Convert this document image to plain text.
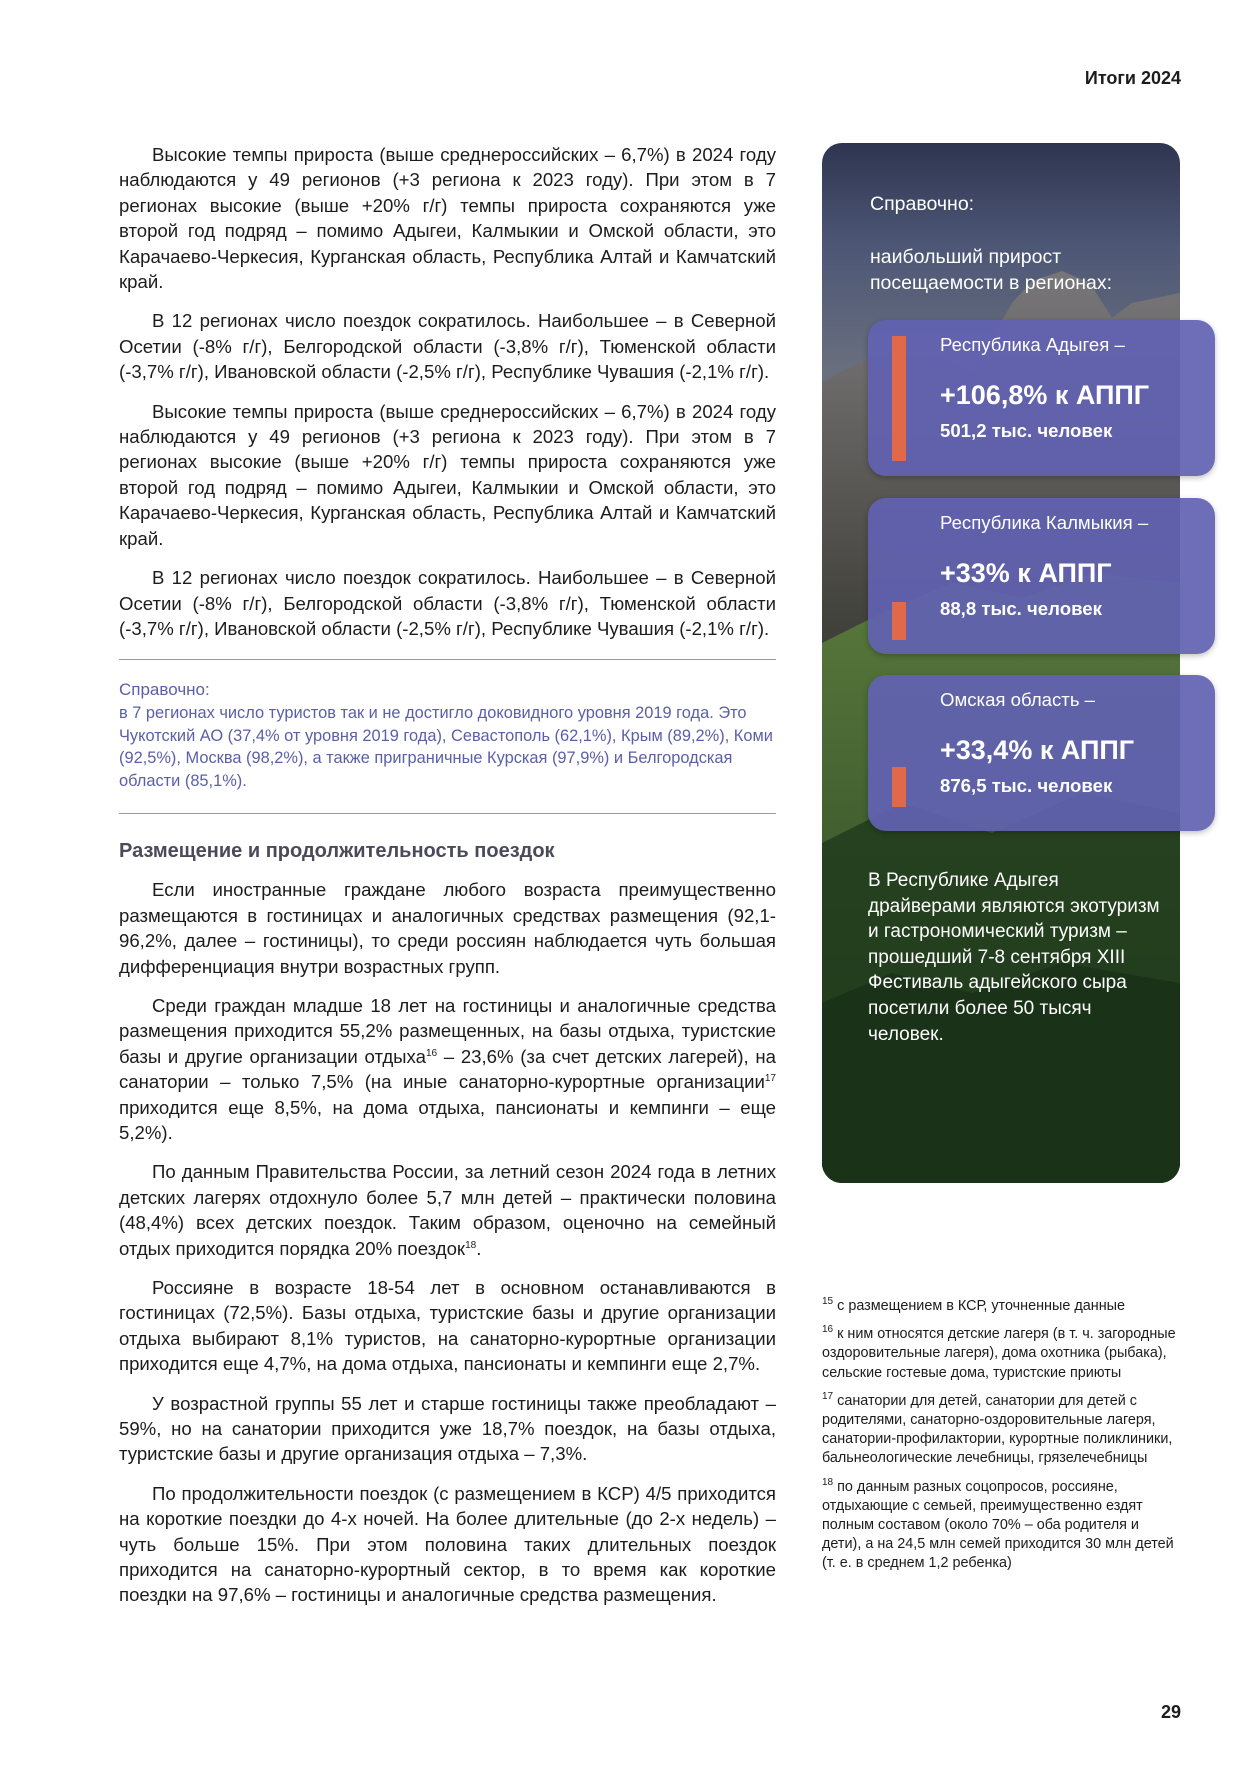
Итоги 2024

Высокие темпы прироста (выше среднероссийских – 6,7%) в 2024 году наблюдаются у 49 регионов (+3 региона к 2023 году). При этом в 7 регионах высокие (выше +20% г/г) темпы прироста сохраняются уже второй год подряд – помимо Адыгеи, Калмыкии и Омской области, это Карачаево-Черкесия, Курганская область, Республика Алтай и Камчатский край.

В 12 регионах число поездок сократилось. Наибольшее – в Северной Осетии (-8% г/г), Белгородской области (-3,8% г/г), Тюменской области (-3,7% г/г), Ивановской области (-2,5% г/г), Республике Чувашия (-2,1% г/г).

Высокие темпы прироста (выше среднероссийских – 6,7%) в 2024 году наблюдаются у 49 регионов (+3 региона к 2023 году). При этом в 7 регионах высокие (выше +20% г/г) темпы прироста сохраняются уже второй год подряд – помимо Адыгеи, Калмыкии и Омской области, это Карачаево-Черкесия, Курганская область, Республика Алтай и Камчатский край.

В 12 регионах число поездок сократилось. Наибольшее – в Северной Осетии (-8% г/г), Белгородской области (-3,8% г/г), Тюменской области (-3,7% г/г), Ивановской области (-2,5% г/г), Республике Чувашия (-2,1% г/г).

Справочно:
в 7 регионах число туристов так и не достигло доковидного уровня 2019 года. Это Чукотский АО (37,4% от уровня 2019 года), Севастополь (62,1%), Крым (89,2%), Коми (92,5%), Москва (98,2%), а также приграничные Курская (97,9%) и Белгородская области (85,1%).
Размещение и продолжительность поездок

Если иностранные граждане любого возраста преимущественно размещаются в гостиницах и аналогичных средствах размещения (92,1-96,2%, далее – гостиницы), то среди россиян наблюдается чуть большая дифференциация внутри возрастных групп.

Среди граждан младше 18 лет на гостиницы и аналогичные средства размещения приходится 55,2% размещенных, на базы отдыха, туристские базы и другие организации отдыха$^{16}$ – 23,6% (за счет детских лагерей), на санатории – только 7,5% (на иные санаторно-курортные организации$^{17}$ приходится еще 8,5%, на дома отдыха, пансионаты и кемпинги – еще 5,2%).

По данным Правительства России, за летний сезон 2024 года в летних детских лагерях отдохнуло более 5,7 млн детей – практически половина (48,4%) всех детских поездок. Таким образом, оценочно на семейный отдых приходится порядка 20% поездок$^{18}$.

Россияне в возрасте 18-54 лет в основном останавливаются в гостиницах (72,5%). Базы отдыха, туристские базы и другие организации отдыха выбирают 8,1% туристов, на санаторно-курортные организации приходится еще 4,7%, на дома отдыха, пансионаты и кемпинги еще 2,7%.

У возрастной группы 55 лет и старше гостиницы также преобладают – 59%, но на санатории приходится уже 18,7% поездок, на базы отдыха, туристские базы и другие организация отдыха – 7,3%.

По продолжительности поездок (с размещением в КСР) 4/5 приходится на короткие поездки до 4-х ночей. На более длительные (до 2-х недель) – чуть больше 15%. При этом половина таких длительных поездок приходится на санаторно-курортный сектор, в то время как короткие поездки на 97,6% – гостиницы и аналогичные средства размещения.

Справочно:

наибольший прирост посещаемости в регионах:

Республика Адыгея –
+106,8% к АППГ
501,2 тыс. человек
Республика Калмыкия –
+33% к АППГ
88,8 тыс. человек
Омская область –
+33,4% к АППГ
876,5 тыс. человек
В Республике Адыгея драйверами являются экотуризм и гастрономический туризм – прошедший 7-8 сентября XIII Фестиваль адыгейского сыра посетили более 50 тысяч человек.

$^{15}$ с размещением в КСР, уточненные данные

$^{16}$ к ним относятся детские лагеря (в т. ч. загородные оздоровительные лагеря), дома охотника (рыбака), сельские гостевые дома, туристские приюты

$^{17}$ санатории для детей, санатории для детей с родителями, санаторно-оздоровительные лагеря, санатории-профилактории, курортные поликлиники, бальнеологические лечебницы, грязелечебницы

$^{18}$ по данным разных соцопросов, россияне, отдыхающие с семьей, преимущественно ездят полным составом (около 70% – оба родителя и дети), а на 24,5 млн семей приходится 30 млн детей (т. е. в среднем 1,2 ребенка)

29
